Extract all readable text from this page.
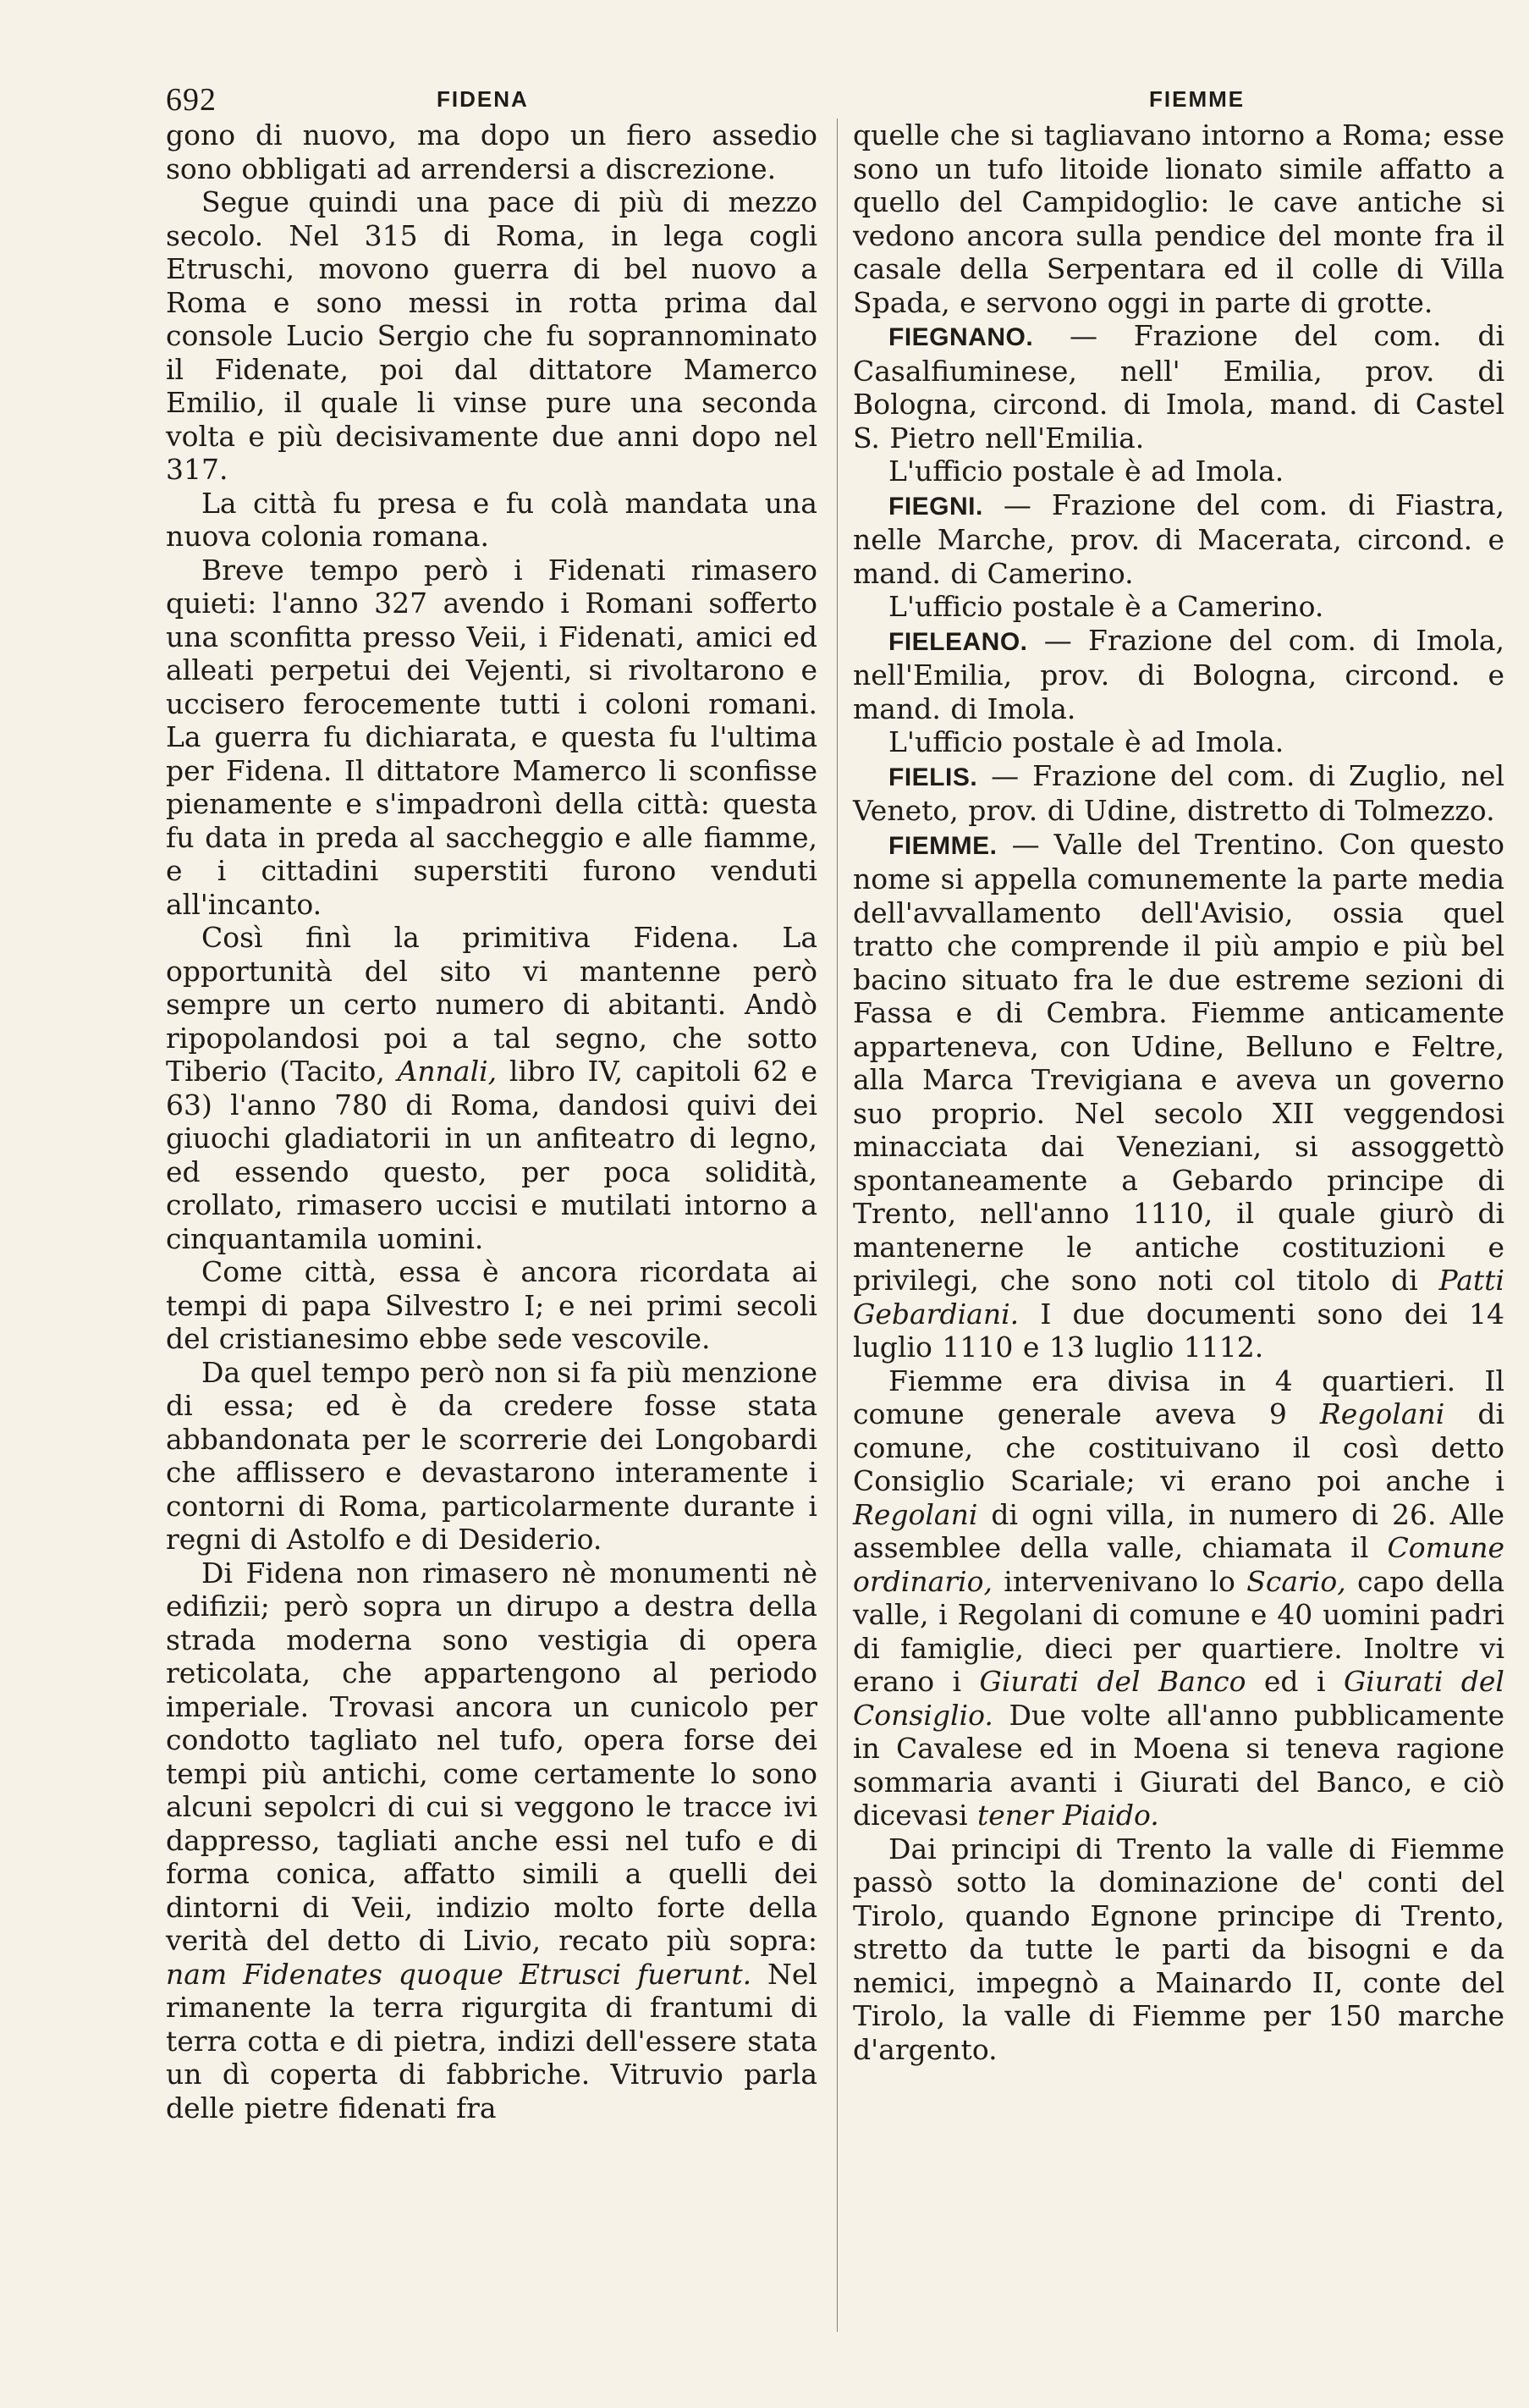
692	FIDENA	FIEMME

gono di nuovo, ma dopo un fiero assedio sono obbligati ad arrendersi a discrezione.

Segue quindi una pace di più di mezzo secolo. Nel 315 di Roma, in lega cogli Etruschi, movono guerra di bel nuovo a Roma e sono messi in rotta prima dal console Lucio Sergio che fu soprannominato il Fidenate, poi dal dittatore Mamerco Emilio, il quale li vinse pure una seconda volta e più decisivamente due anni dopo nel 317.

La città fu presa e fu colà mandata una nuova colonia romana.

Breve tempo però i Fidenati rimasero quieti: l'anno 327 avendo i Romani sofferto una sconfitta presso Veii, i Fidenati, amici ed alleati perpetui dei Vejenti, si rivoltarono e uccisero ferocemente tutti i coloni romani. La guerra fu dichiarata, e questa fu l'ultima per Fidena. Il dittatore Mamerco li sconfisse pienamente e s'impadronì della città: questa fu data in preda al saccheggio e alle fiamme, e i cittadini superstiti furono venduti all'incanto.

Così finì la primitiva Fidena. La opportunità del sito vi mantenne però sempre un certo numero di abitanti. Andò ripopolandosi poi a tal segno, che sotto Tiberio (Tacito, Annali, libro IV, capitoli 62 e 63) l'anno 780 di Roma, dandosi quivi dei giuochi gladiatorii in un anfiteatro di legno, ed essendo questo, per poca solidità, crollato, rimasero uccisi e mutilati intorno a cinquantamila uomini.

Come città, essa è ancora ricordata ai tempi di papa Silvestro I; e nei primi secoli del cristianesimo ebbe sede vescovile.

Da quel tempo però non si fa più menzione di essa; ed è da credere fosse stata abbandonata per le scorrerie dei Longobardi che afflissero e devastarono interamente i contorni di Roma, particolarmente durante i regni di Astolfo e di Desiderio.

Di Fidena non rimasero nè monumenti nè edifizii; però sopra un dirupo a destra della strada moderna sono vestigia di opera reticolata, che appartengono al periodo imperiale. Trovasi ancora un cunicolo per condotto tagliato nel tufo, opera forse dei tempi più antichi, come certamente lo sono alcuni sepolcri di cui si veggono le tracce ivi dappresso, tagliati anche essi nel tufo e di forma conica, affatto simili a quelli dei dintorni di Veii, indizio molto forte della verità del detto di Livio, recato più sopra: nam Fidenates quoque Etrusci fuerunt. Nel rimanente la terra rigurgita di frantumi di terra cotta e di pietra, indizi dell'essere stata un dì coperta di fabbriche. Vitruvio parla delle pietre fidenati fra

quelle che si tagliavano intorno a Roma; esse sono un tufo litoide lionato simile affatto a quello del Campidoglio: le cave antiche si vedono ancora sulla pendice del monte fra il casale della Serpentara ed il colle di Villa Spada, e servono oggi in parte di grotte.

FIEGNANO. — Frazione del com. di Casalfiuminese, nell' Emilia, prov. di Bologna, circond. di Imola, mand. di Castel S. Pietro nell'Emilia.

L'ufficio postale è ad Imola.

FIEGNI. — Frazione del com. di Fiastra, nelle Marche, prov. di Macerata, circond. e mand. di Camerino.

L'ufficio postale è a Camerino.

FIELEANO. — Frazione del com. di Imola, nell'Emilia, prov. di Bologna, circond. e mand. di Imola.

L'ufficio postale è ad Imola.

FIELIS. — Frazione del com. di Zuglio, nel Veneto, prov. di Udine, distretto di Tolmezzo.

FIEMME. — Valle del Trentino. Con questo nome si appella comunemente la parte media dell'avvallamento dell'Avisio, ossia quel tratto che comprende il più ampio e più bel bacino situato fra le due estreme sezioni di Fassa e di Cembra. Fiemme anticamente apparteneva, con Udine, Belluno e Feltre, alla Marca Trevigiana e aveva un governo suo proprio. Nel secolo XII veggendosi minacciata dai Veneziani, si assoggettò spontaneamente a Gebardo principe di Trento, nell'anno 1110, il quale giurò di mantenerne le antiche costituzioni e privilegi, che sono noti col titolo di Patti Gebardiani. I due documenti sono dei 14 luglio 1110 e 13 luglio 1112.

Fiemme era divisa in 4 quartieri. Il comune generale aveva 9 Regolani di comune, che costituivano il così detto Consiglio Scariale; vi erano poi anche i Regolani di ogni villa, in numero di 26. Alle assemblee della valle, chiamata il Comune ordinario, intervenivano lo Scario, capo della valle, i Regolani di comune e 40 uomini padri di famiglie, dieci per quartiere. Inoltre vi erano i Giurati del Banco ed i Giurati del Consiglio. Due volte all'anno pubblicamente in Cavalese ed in Moena si teneva ragione sommaria avanti i Giurati del Banco, e ciò dicevasi tener Piaido.

Dai principi di Trento la valle di Fiemme passò sotto la dominazione de' conti del Tirolo, quando Egnone principe di Trento, stretto da tutte le parti da bisogni e da nemici, impegnò a Mainardo II, conte del Tirolo, la valle di Fiemme per 150 marche d'argento.
